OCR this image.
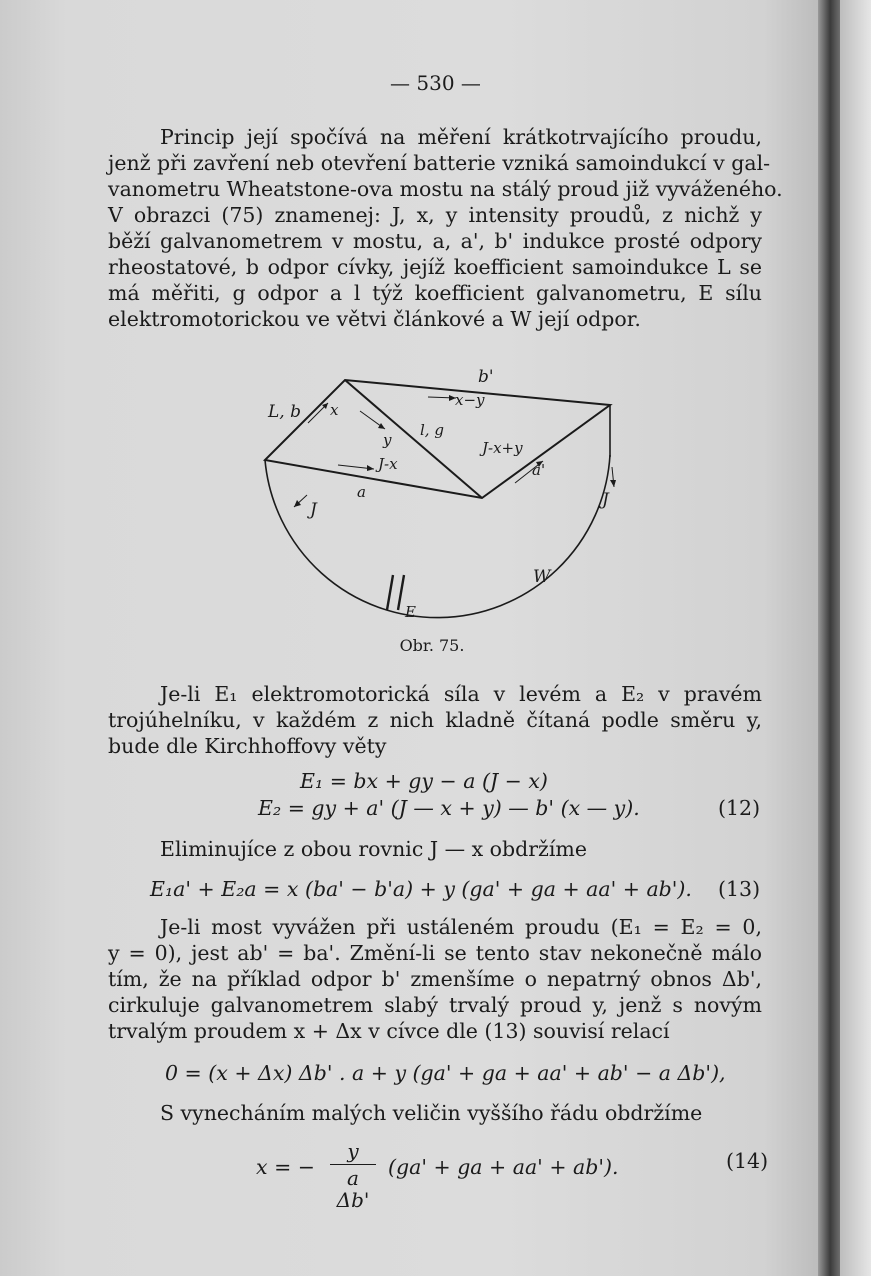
— 530 —
Princip její spočívá na měření krátkotrvajícího proudu,
jenž při zavření neb otevření batterie vzniká samoindukcí v gal-
vanometru Wheatstone-ova mostu na stálý proud již vyváženého.
V obrazci (75) znamenej: J, x, y intensity proudů, z nichž y
běží galvanometrem v mostu, a, a', b' indukce prosté odpory
rheostatové, b odpor cívky, jejíž koefficient samoindukce L se
má měřiti, g odpor a l týž koefficient galvanometru, E sílu
elektromotorickou ve větvi článkové a W její odpor.
b'
L, b x
x−y
y
l, g
J-x+y
J-x	a'
a
J	J
W
E
Obr. 75.
Je-li E₁ elektromotorická síla v levém a E₂ v pravém
trojúhelníku, v každém z nich kladně čítaná podle směru y,
bude dle Kirchhoffovy věty
E₁ = bx + gy − a (J − x)
E₂ = gy + a' (J — x + y) — b' (x — y).	(12)
Eliminujíce z obou rovnic J — x obdržíme
E₁a' + E₂a = x (ba' − b'a) + y (ga' + ga + aa' + ab').	(13)
Je-li most vyvážen při ustáleném proudu (E₁ = E₂ = 0,
y = 0), jest ab' = ba'. Změní-li se tento stav nekonečně málo
tím, že na příklad odpor b' zmenšíme o nepatrný obnos Δb',
cirkuluje galvanometrem slabý trvalý proud y, jenž s novým
trvalým proudem x + Δx v cívce dle (13) souvisí relací
0 = (x + Δx) Δb' . a + y (ga' + ga + aa' + ab' − a Δb'),
S vynecháním malých veličin vyššího řádu obdržíme
x = −
y
a Δb'
(ga' + ga + aa' + ab').	(14)
